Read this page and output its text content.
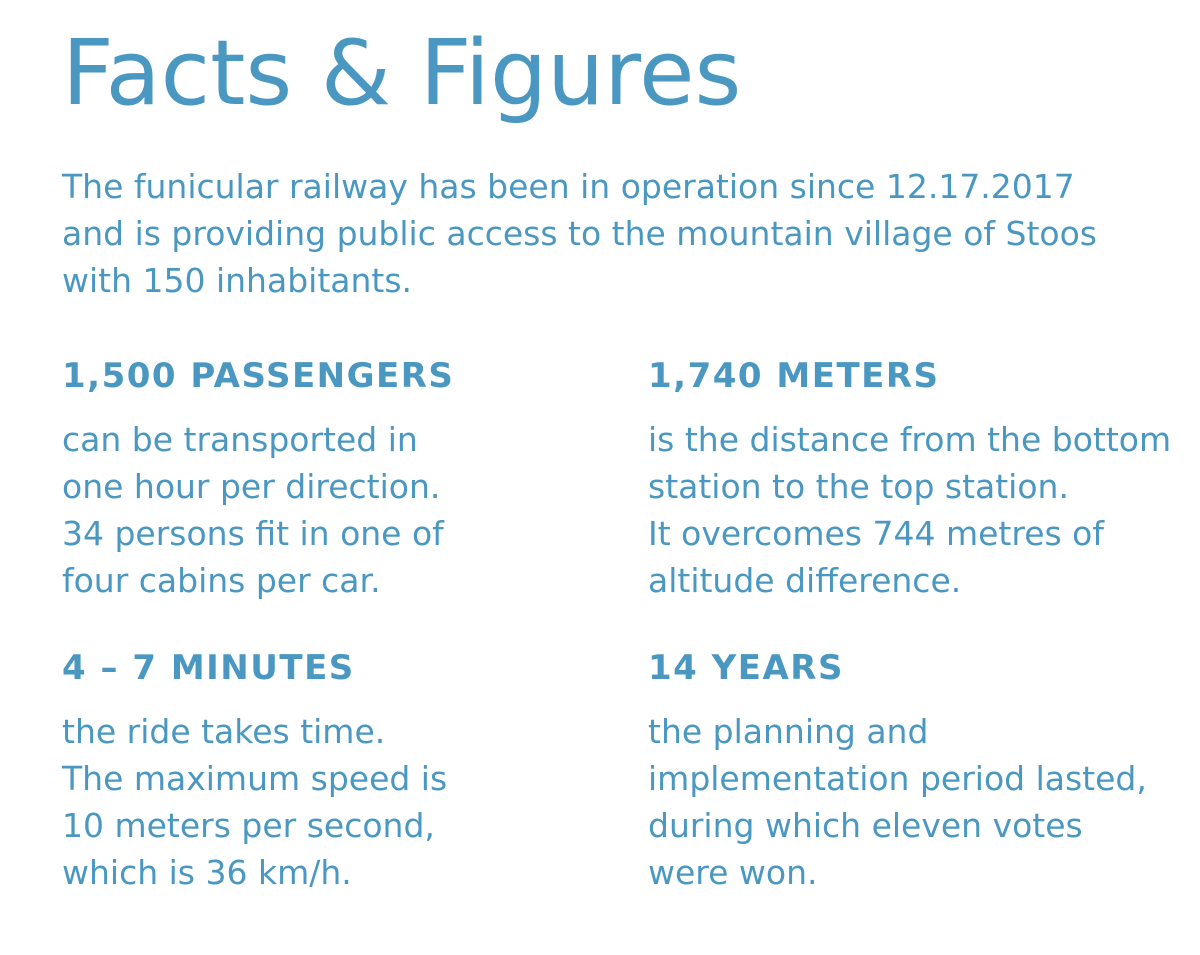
Facts & Figures
The funicular railway has been in operation since 12.17.2017
and is providing public access to the mountain village of Stoos
with 150 inhabitants.
1,500 PASSENGERS
can be transported in
one hour per direction.
34 persons fit in one of
four cabins per car.
1,740 METERS
is the distance from the bottom
station to the top station.
It overcomes 744 metres of
altitude difference.
4 – 7 MINUTES
the ride takes time.
The maximum speed is
10 meters per second,
which is 36 km/h.
14 YEARS
the planning and
implementation period lasted,
during which eleven votes
were won.
